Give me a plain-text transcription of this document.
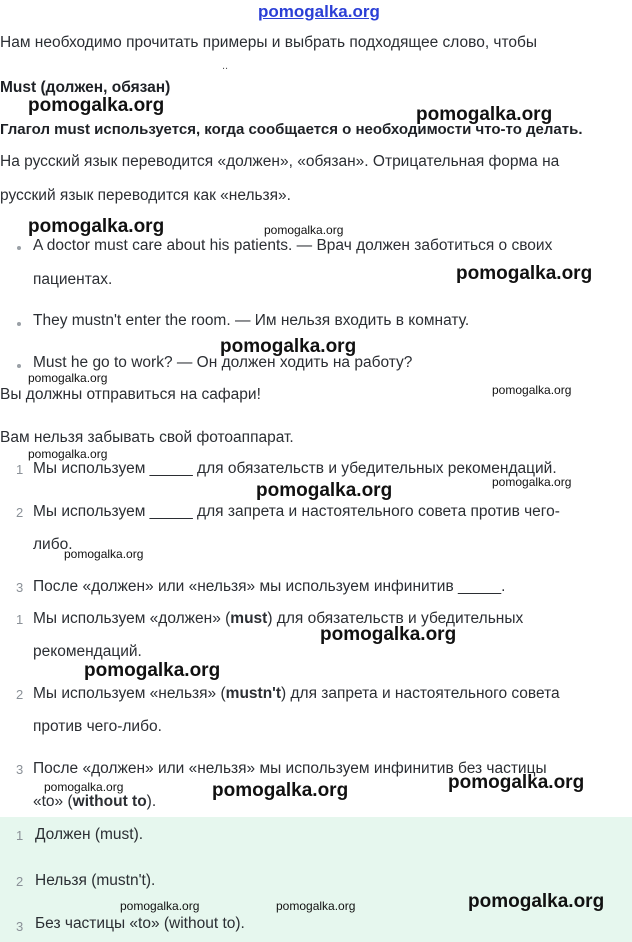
pomogalka.org
Нам необходимо прочитать примеры и выбрать подходящее слово, чтобы
..
Must (должен, обязан)
pomogalka.org	pomogalka.org
Глагол must используется, когда сообщается о необходимости что-то делать.
На русский язык переводится «должен», «обязан». Отрицательная форма на
русский язык переводится как «нельзя».
pomogalka.org	pomogalka.org
A doctor must care about his patients. — Врач должен заботиться о своих
пациентах.	pomogalka.org
They mustn't enter the room. — Им нельзя входить в комнату.
pomogalka.org
Must he go to work? — Он должен ходить на работу?
pomogalka.org
Вы должны отправиться на сафари!	pomogalka.org
Вам нельзя забывать свой фотоаппарат.
pomogalka.org
1 Мы используем _____ для обязательств и убедительных рекомендаций.
pomogalka.org
pomogalka.org
2 Мы используем _____ для запрета и настоятельного совета против чего-
либо.
pomogalka.org
3 После «должен» или «нельзя» мы используем инфинитив _____.
1 Мы используем «должен» (must) для обязательств и убедительных
pomogalka.org
рекомендаций.
pomogalka.org
2 Мы используем «нельзя» (mustn't) для запрета и настоятельного совета
против чего-либо.
3 После «должен» или «нельзя» мы используем инфинитив без частицы
pomogalka.org
«to» (without to).
pomogalka.org	pomogalka.org
1 Должен (must).
2 Нельзя (mustn't).
pomogalka.org	pomogalka.org	pomogalka.org
3 Без частицы «to» (without to).
